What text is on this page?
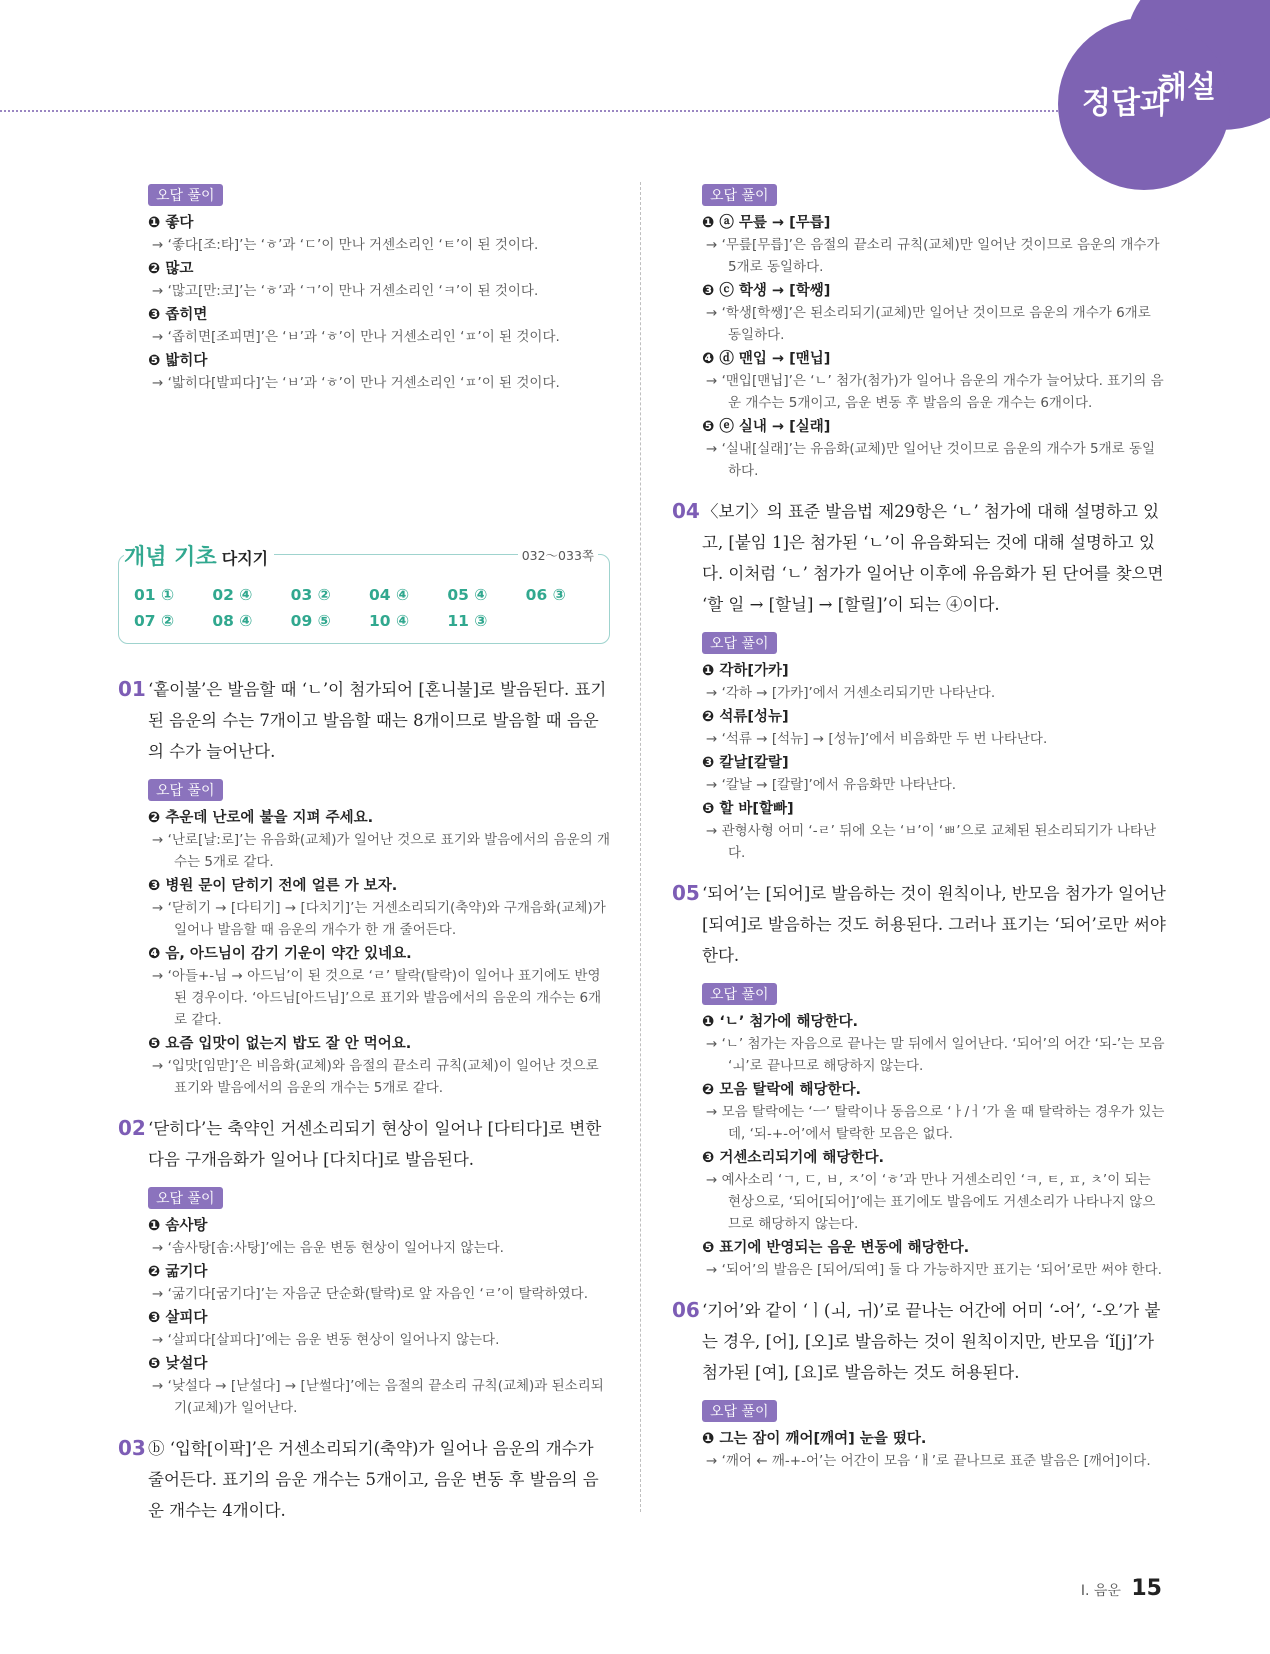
정답과
해설
오답 풀이
❶ 좋다
→ ‘좋다[조:타]’는 ‘ㅎ’과 ‘ㄷ’이 만나 거센소리인 ‘ㅌ’이 된 것이다.
❷ 많고
→ ‘많고[만:코]’는 ‘ㅎ’과 ‘ㄱ’이 만나 거센소리인 ‘ㅋ’이 된 것이다.
❸ 좁히면
→ ‘좁히면[조피면]’은 ‘ㅂ’과 ‘ㅎ’이 만나 거센소리인 ‘ㅍ’이 된 것이다.
❺ 밟히다
→ ‘밟히다[발피다]’는 ‘ㅂ’과 ‘ㅎ’이 만나 거센소리인 ‘ㅍ’이 된 것이다.
개념 기초 다지기	032～033쪽
01 ①	02 ④	03 ②	04 ④	05 ④	06 ③
07 ②	08 ④	09 ⑤	10 ④	11 ③
01 ‘홑이불’은 발음할 때 ‘ㄴ’이 첨가되어 [혼니불]로 발음된다. 표기된 음운의 수는 7개이고 발음할 때는 8개이므로 발음할 때 음운의 수가 늘어난다.
오답 풀이
❷ 추운데 난로에 불을 지펴 주세요.
→ ‘난로[날:로]’는 유음화(교체)가 일어난 것으로 표기와 발음에서의 음운의 개수는 5개로 같다.
❸ 병원 문이 닫히기 전에 얼른 가 보자.
→ ‘닫히기 → [다티기] → [다치기]’는 거센소리되기(축약)와 구개음화(교체)가 일어나 발음할 때 음운의 개수가 한 개 줄어든다.
❹ 음, 아드님이 감기 기운이 약간 있네요.
→ ‘아들+-님 → 아드님’이 된 것으로 ‘ㄹ’ 탈락(탈락)이 일어나 표기에도 반영된 경우이다. ‘아드님[아드님]’으로 표기와 발음에서의 음운의 개수는 6개로 같다.
❺ 요즘 입맛이 없는지 밥도 잘 안 먹어요.
→ ‘입맛[임맏]’은 비음화(교체)와 음절의 끝소리 규칙(교체)이 일어난 것으로 표기와 발음에서의 음운의 개수는 5개로 같다.
02 ‘닫히다’는 축약인 거센소리되기 현상이 일어나 [다티다]로 변한 다음 구개음화가 일어나 [다치다]로 발음된다.
오답 풀이
❶ 솜사탕
→ ‘솜사탕[솜:사탕]’에는 음운 변동 현상이 일어나지 않는다.
❷ 굶기다
→ ‘굶기다[굼기다]’는 자음군 단순화(탈락)로 앞 자음인 ‘ㄹ’이 탈락하였다.
❸ 살피다
→ ‘살피다[살피다]’에는 음운 변동 현상이 일어나지 않는다.
❺ 낮설다
→ ‘낮설다 → [낟설다] → [낟썰다]’에는 음절의 끝소리 규칙(교체)과 된소리되기(교체)가 일어난다.
03 ⓑ ‘입학[이팍]’은 거센소리되기(축약)가 일어나 음운의 개수가 줄어든다. 표기의 음운 개수는 5개이고, 음운 변동 후 발음의 음운 개수는 4개이다.
오답 풀이
❶ ⓐ 무릎 → [무릅]
→ ‘무릎[무릅]’은 음절의 끝소리 규칙(교체)만 일어난 것이므로 음운의 개수가 5개로 동일하다.
❸ ⓒ 학생 → [학쌩]
→ ‘학생[학쌩]’은 된소리되기(교체)만 일어난 것이므로 음운의 개수가 6개로 동일하다.
❹ ⓓ 맨입 → [맨닙]
→ ‘맨입[맨닙]’은 ‘ㄴ’ 첨가(첨가)가 일어나 음운의 개수가 늘어났다. 표기의 음운 개수는 5개이고, 음운 변동 후 발음의 음운 개수는 6개이다.
❺ ⓔ 실내 → [실래]
→ ‘실내[실래]’는 유음화(교체)만 일어난 것이므로 음운의 개수가 5개로 동일하다.
04 〈보기〉의 표준 발음법 제29항은 ‘ㄴ’ 첨가에 대해 설명하고 있고, [붙임 1]은 첨가된 ‘ㄴ’이 유음화되는 것에 대해 설명하고 있다. 이처럼 ‘ㄴ’ 첨가가 일어난 이후에 유음화가 된 단어를 찾으면 ‘할 일 → [할닐] → [할릴]’이 되는 ④이다.
오답 풀이
❶ 각하[가카]
→ ‘각하 → [가카]’에서 거센소리되기만 나타난다.
❷ 석류[성뉴]
→ ‘석류 → [석뉴] → [성뉴]’에서 비음화만 두 번 나타난다.
❸ 칼날[칼랄]
→ ‘칼날 → [칼랄]’에서 유음화만 나타난다.
❺ 할 바[할빠]
→ 관형사형 어미 ‘-ㄹ’ 뒤에 오는 ‘ㅂ’이 ‘ㅃ’으로 교체된 된소리되기가 나타난다.
05 ‘되어’는 [되어]로 발음하는 것이 원칙이나, 반모음 첨가가 일어난 [되여]로 발음하는 것도 허용된다. 그러나 표기는 ‘되어’로만 써야 한다.
오답 풀이
❶ ‘ㄴ’ 첨가에 해당한다.
→ ‘ㄴ’ 첨가는 자음으로 끝나는 말 뒤에서 일어난다. ‘되어’의 어간 ‘되-’는 모음 ‘ㅚ’로 끝나므로 해당하지 않는다.
❷ 모음 탈락에 해당한다.
→ 모음 탈락에는 ‘ㅡ’ 탈락이나 동음으로 ‘ㅏ/ㅓ’가 올 때 탈락하는 경우가 있는데, ‘되-+-어’에서 탈락한 모음은 없다.
❸ 거센소리되기에 해당한다.
→ 예사소리 ‘ㄱ, ㄷ, ㅂ, ㅈ’이 ‘ㅎ’과 만나 거센소리인 ‘ㅋ, ㅌ, ㅍ, ㅊ’이 되는 현상으로, ‘되어[되어]’에는 표기에도 발음에도 거센소리가 나타나지 않으므로 해당하지 않는다.
❺ 표기에 반영되는 음운 변동에 해당한다.
→ ‘되어’의 발음은 [되어/되여] 둘 다 가능하지만 표기는 ‘되어’로만 써야 한다.
06 ‘기어’와 같이 ‘ㅣ(ㅚ, ㅟ)’로 끝나는 어간에 어미 ‘-어’, ‘-오’가 붙는 경우, [어], [오]로 발음하는 것이 원칙이지만, 반모음 ‘ǐ[j]’가 첨가된 [여], [요]로 발음하는 것도 허용된다.
오답 풀이
❶ 그는 잠이 깨어[깨여] 눈을 떴다.
→ ‘깨어 ← 깨-+-어’는 어간이 모음 ‘ㅐ’로 끝나므로 표준 발음은 [깨어]이다.
Ⅰ. 음운 15
